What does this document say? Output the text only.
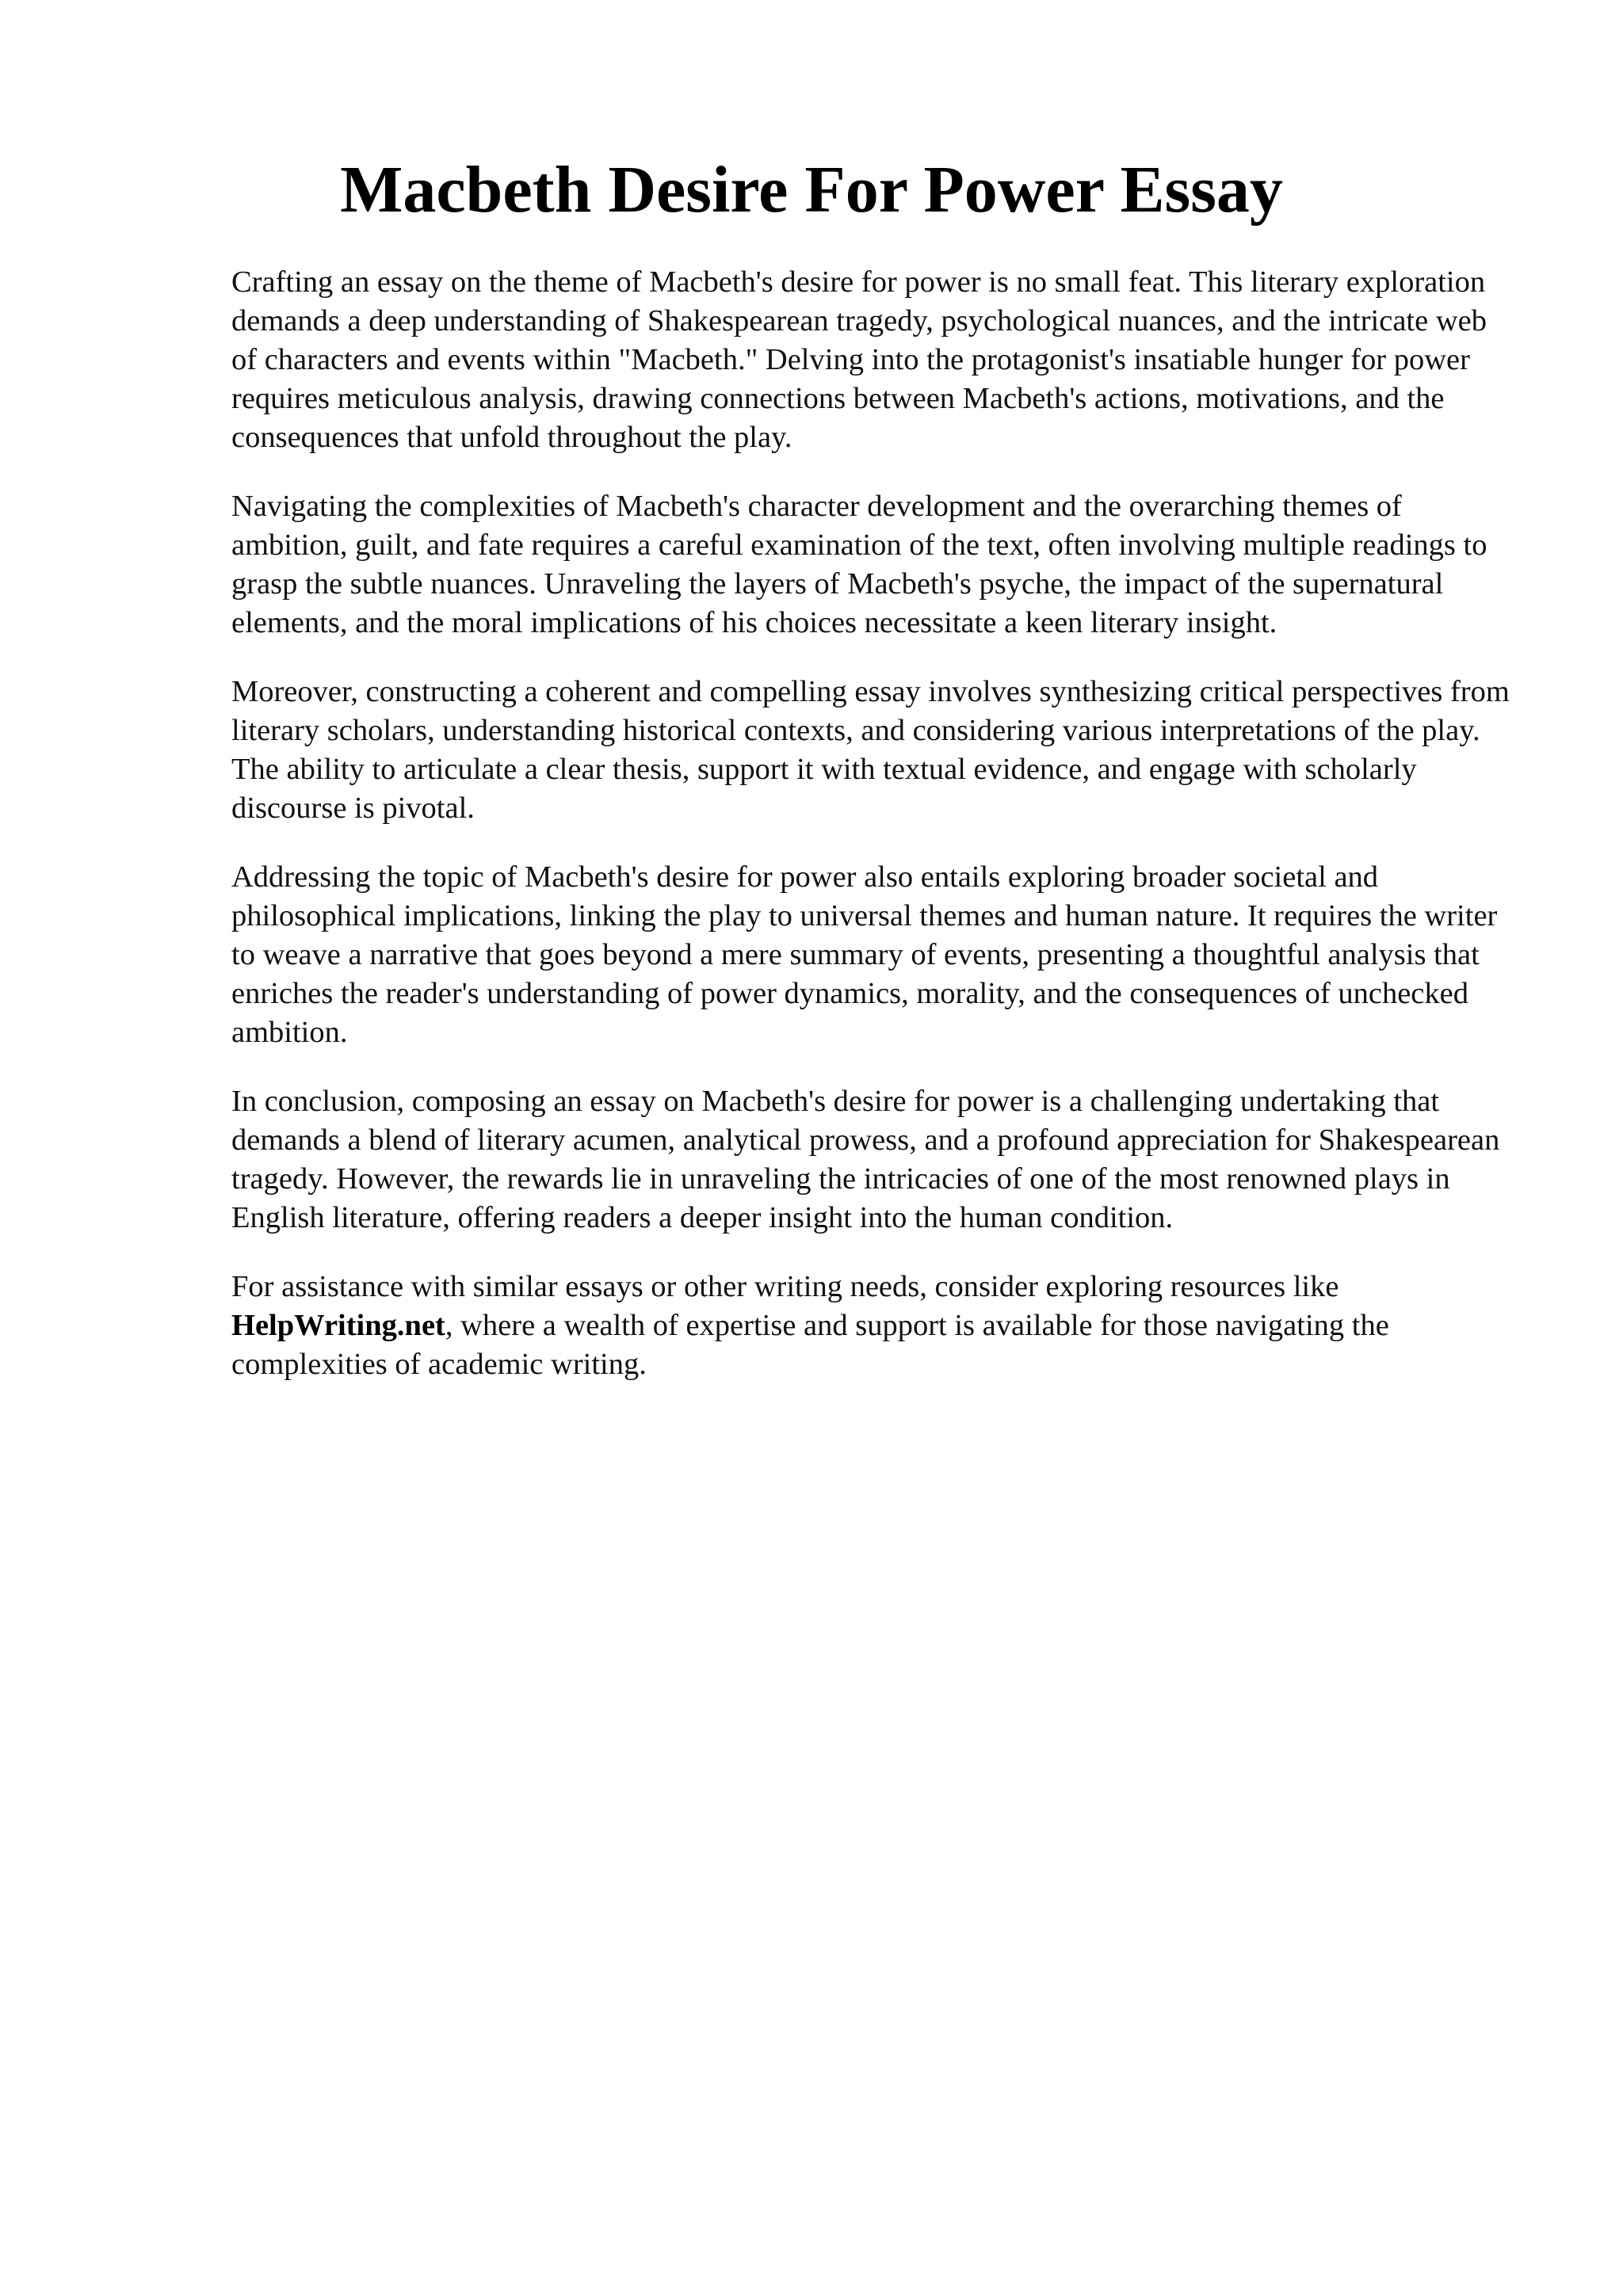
Macbeth Desire For Power Essay

Crafting an essay on the theme of Macbeth's desire for power is no small feat. This literary exploration demands a deep understanding of Shakespearean tragedy, psychological nuances, and the intricate web of characters and events within "Macbeth." Delving into the protagonist's insatiable hunger for power requires meticulous analysis, drawing connections between Macbeth's actions, motivations, and the consequences that unfold throughout the play.

Navigating the complexities of Macbeth's character development and the overarching themes of ambition, guilt, and fate requires a careful examination of the text, often involving multiple readings to grasp the subtle nuances. Unraveling the layers of Macbeth's psyche, the impact of the supernatural elements, and the moral implications of his choices necessitate a keen literary insight.

Moreover, constructing a coherent and compelling essay involves synthesizing critical perspectives from literary scholars, understanding historical contexts, and considering various interpretations of the play. The ability to articulate a clear thesis, support it with textual evidence, and engage with scholarly discourse is pivotal.

Addressing the topic of Macbeth's desire for power also entails exploring broader societal and philosophical implications, linking the play to universal themes and human nature. It requires the writer to weave a narrative that goes beyond a mere summary of events, presenting a thoughtful analysis that enriches the reader's understanding of power dynamics, morality, and the consequences of unchecked ambition.

In conclusion, composing an essay on Macbeth's desire for power is a challenging undertaking that demands a blend of literary acumen, analytical prowess, and a profound appreciation for Shakespearean tragedy. However, the rewards lie in unraveling the intricacies of one of the most renowned plays in English literature, offering readers a deeper insight into the human condition.

For assistance with similar essays or other writing needs, consider exploring resources like HelpWriting.net, where a wealth of expertise and support is available for those navigating the complexities of academic writing.
